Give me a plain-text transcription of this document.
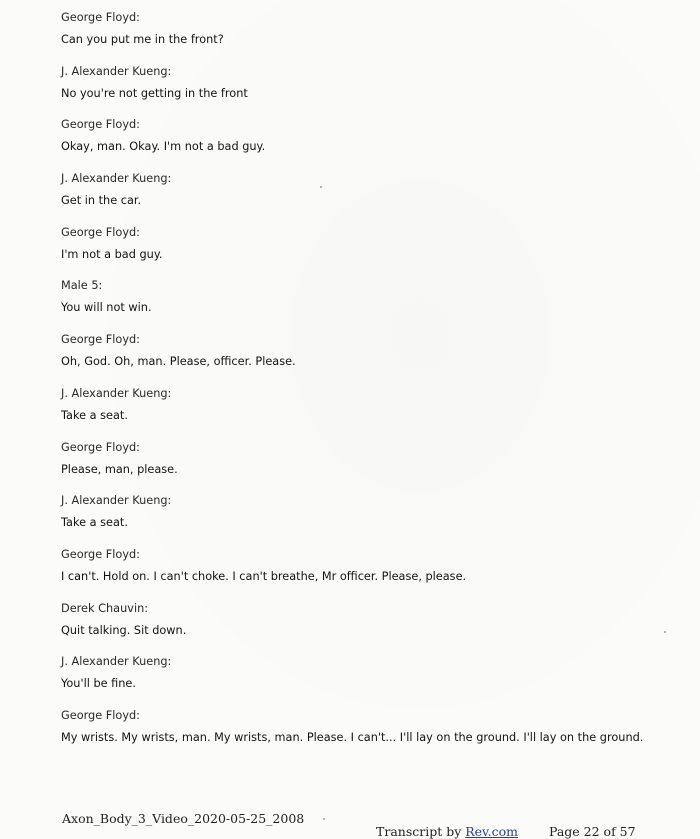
George Floyd:
Can you put me in the front?
J. Alexander Kueng:
No you're not getting in the front
George Floyd:
Okay, man. Okay. I'm not a bad guy.
J. Alexander Kueng:
Get in the car.
George Floyd:
I'm not a bad guy.
Male 5:
You will not win.
George Floyd:
Oh, God. Oh, man. Please, officer. Please.
J. Alexander Kueng:
Take a seat.
George Floyd:
Please, man, please.
J. Alexander Kueng:
Take a seat.
George Floyd:
I can't. Hold on. I can't choke. I can't breathe, Mr officer. Please, please.
Derek Chauvin:
Quit talking. Sit down.
J. Alexander Kueng:
You'll be fine.
George Floyd:
My wrists. My wrists, man. My wrists, man. Please. I can't... I'll lay on the ground. I'll lay on the ground.
Axon_Body_3_Video_2020-05-25_2008
Transcript by Rev.com Page 22 of 57
